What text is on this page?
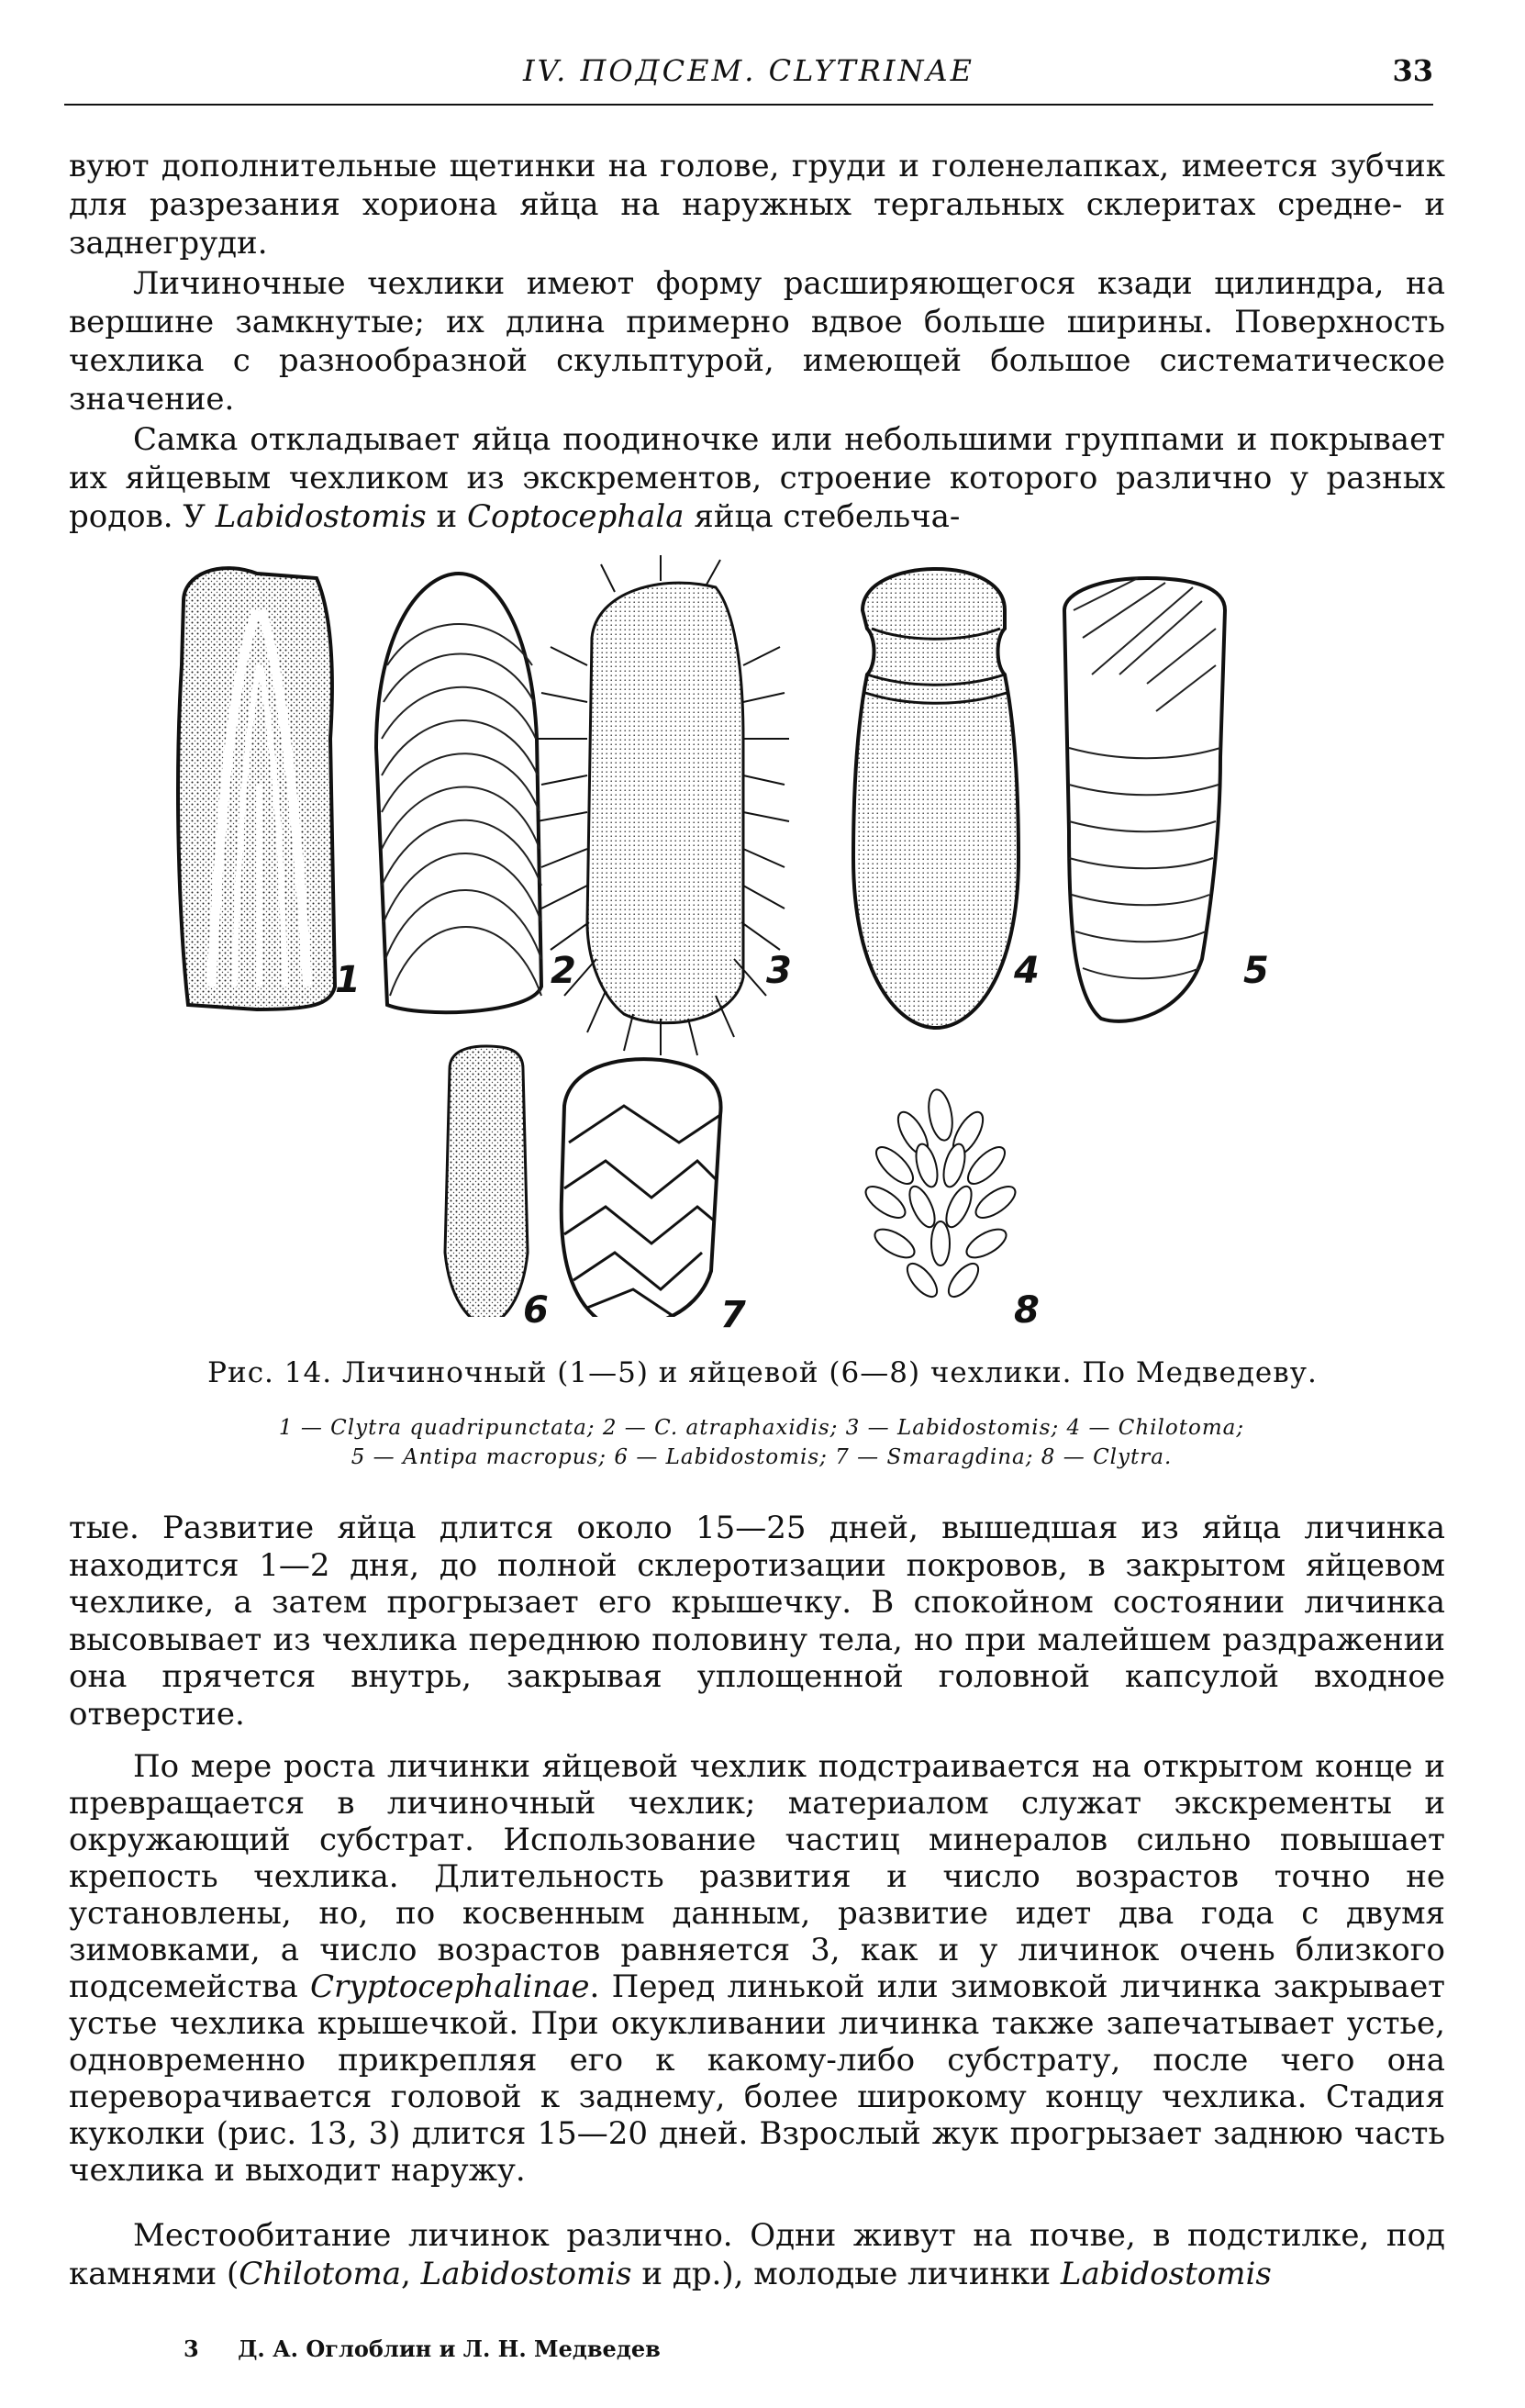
IV. ПОДСЕМ. CLYTRINAE	33

вуют дополнительные щетинки на голове, груди и голенелапках, имеется зубчик для разрезания хориона яйца на наружных тергальных склеритах средне- и заднегруди.

Личиночные чехлики имеют форму расширяющегося кзади цилиндра, на вершине замкнутые; их длина примерно вдвое больше ширины. Поверхность чехлика с разнообразной скульптурой, имеющей большое систематическое значение.

Самка откладывает яйца поодиночке или небольшими группами и покрывает их яйцевым чехликом из экскрементов, строение которого различно у разных родов. У Labidostomis и Coptocephala яйца стебельча-

1	2	3	4	5
6	7	8
Рис. 14. Личиночный (1—5) и яйцевой (6—8) чехлики. По Медведеву.
1 — Clytra quadripunctata; 2 — C. atraphaxidis; 3 — Labidostomis; 4 — Chilotoma;
5 — Antipa macropus; 6 — Labidostomis; 7 — Smaragdina; 8 — Clytra.

тые. Развитие яйца длится около 15—25 дней, вышедшая из яйца личинка находится 1—2 дня, до полной склеротизации покровов, в закрытом яйцевом чехлике, а затем прогрызает его крышечку. В спокойном состоянии личинка высовывает из чехлика переднюю половину тела, но при малейшем раздражении она прячется внутрь, закрывая уплощенной головной капсулой входное отверстие.

По мере роста личинки яйцевой чехлик подстраивается на открытом конце и превращается в личиночный чехлик; материалом служат экскременты и окружающий субстрат. Использование частиц минералов сильно повышает крепость чехлика. Длительность развития и число возрастов точно не установлены, но, по косвенным данным, развитие идет два года с двумя зимовками, а число возрастов равняется 3, как и у личинок очень близкого подсемейства Cryptocephalinae. Перед линькой или зимовкой личинка закрывает устье чехлика крышечкой. При окукливании личинка также запечатывает устье, одновременно прикрепляя его к какому-либо субстрату, после чего она переворачивается головой к заднему, более широкому концу чехлика. Стадия куколки (рис. 13, 3) длится 15—20 дней. Взрослый жук прогрызает заднюю часть чехлика и выходит наружу.

Местообитание личинок различно. Одни живут на почве, в подстилке, под камнями (Chilotoma, Labidostomis и др.), молодые личинки Labidostomis

3 Д. А. Оглоблин и Л. Н. Медведев
